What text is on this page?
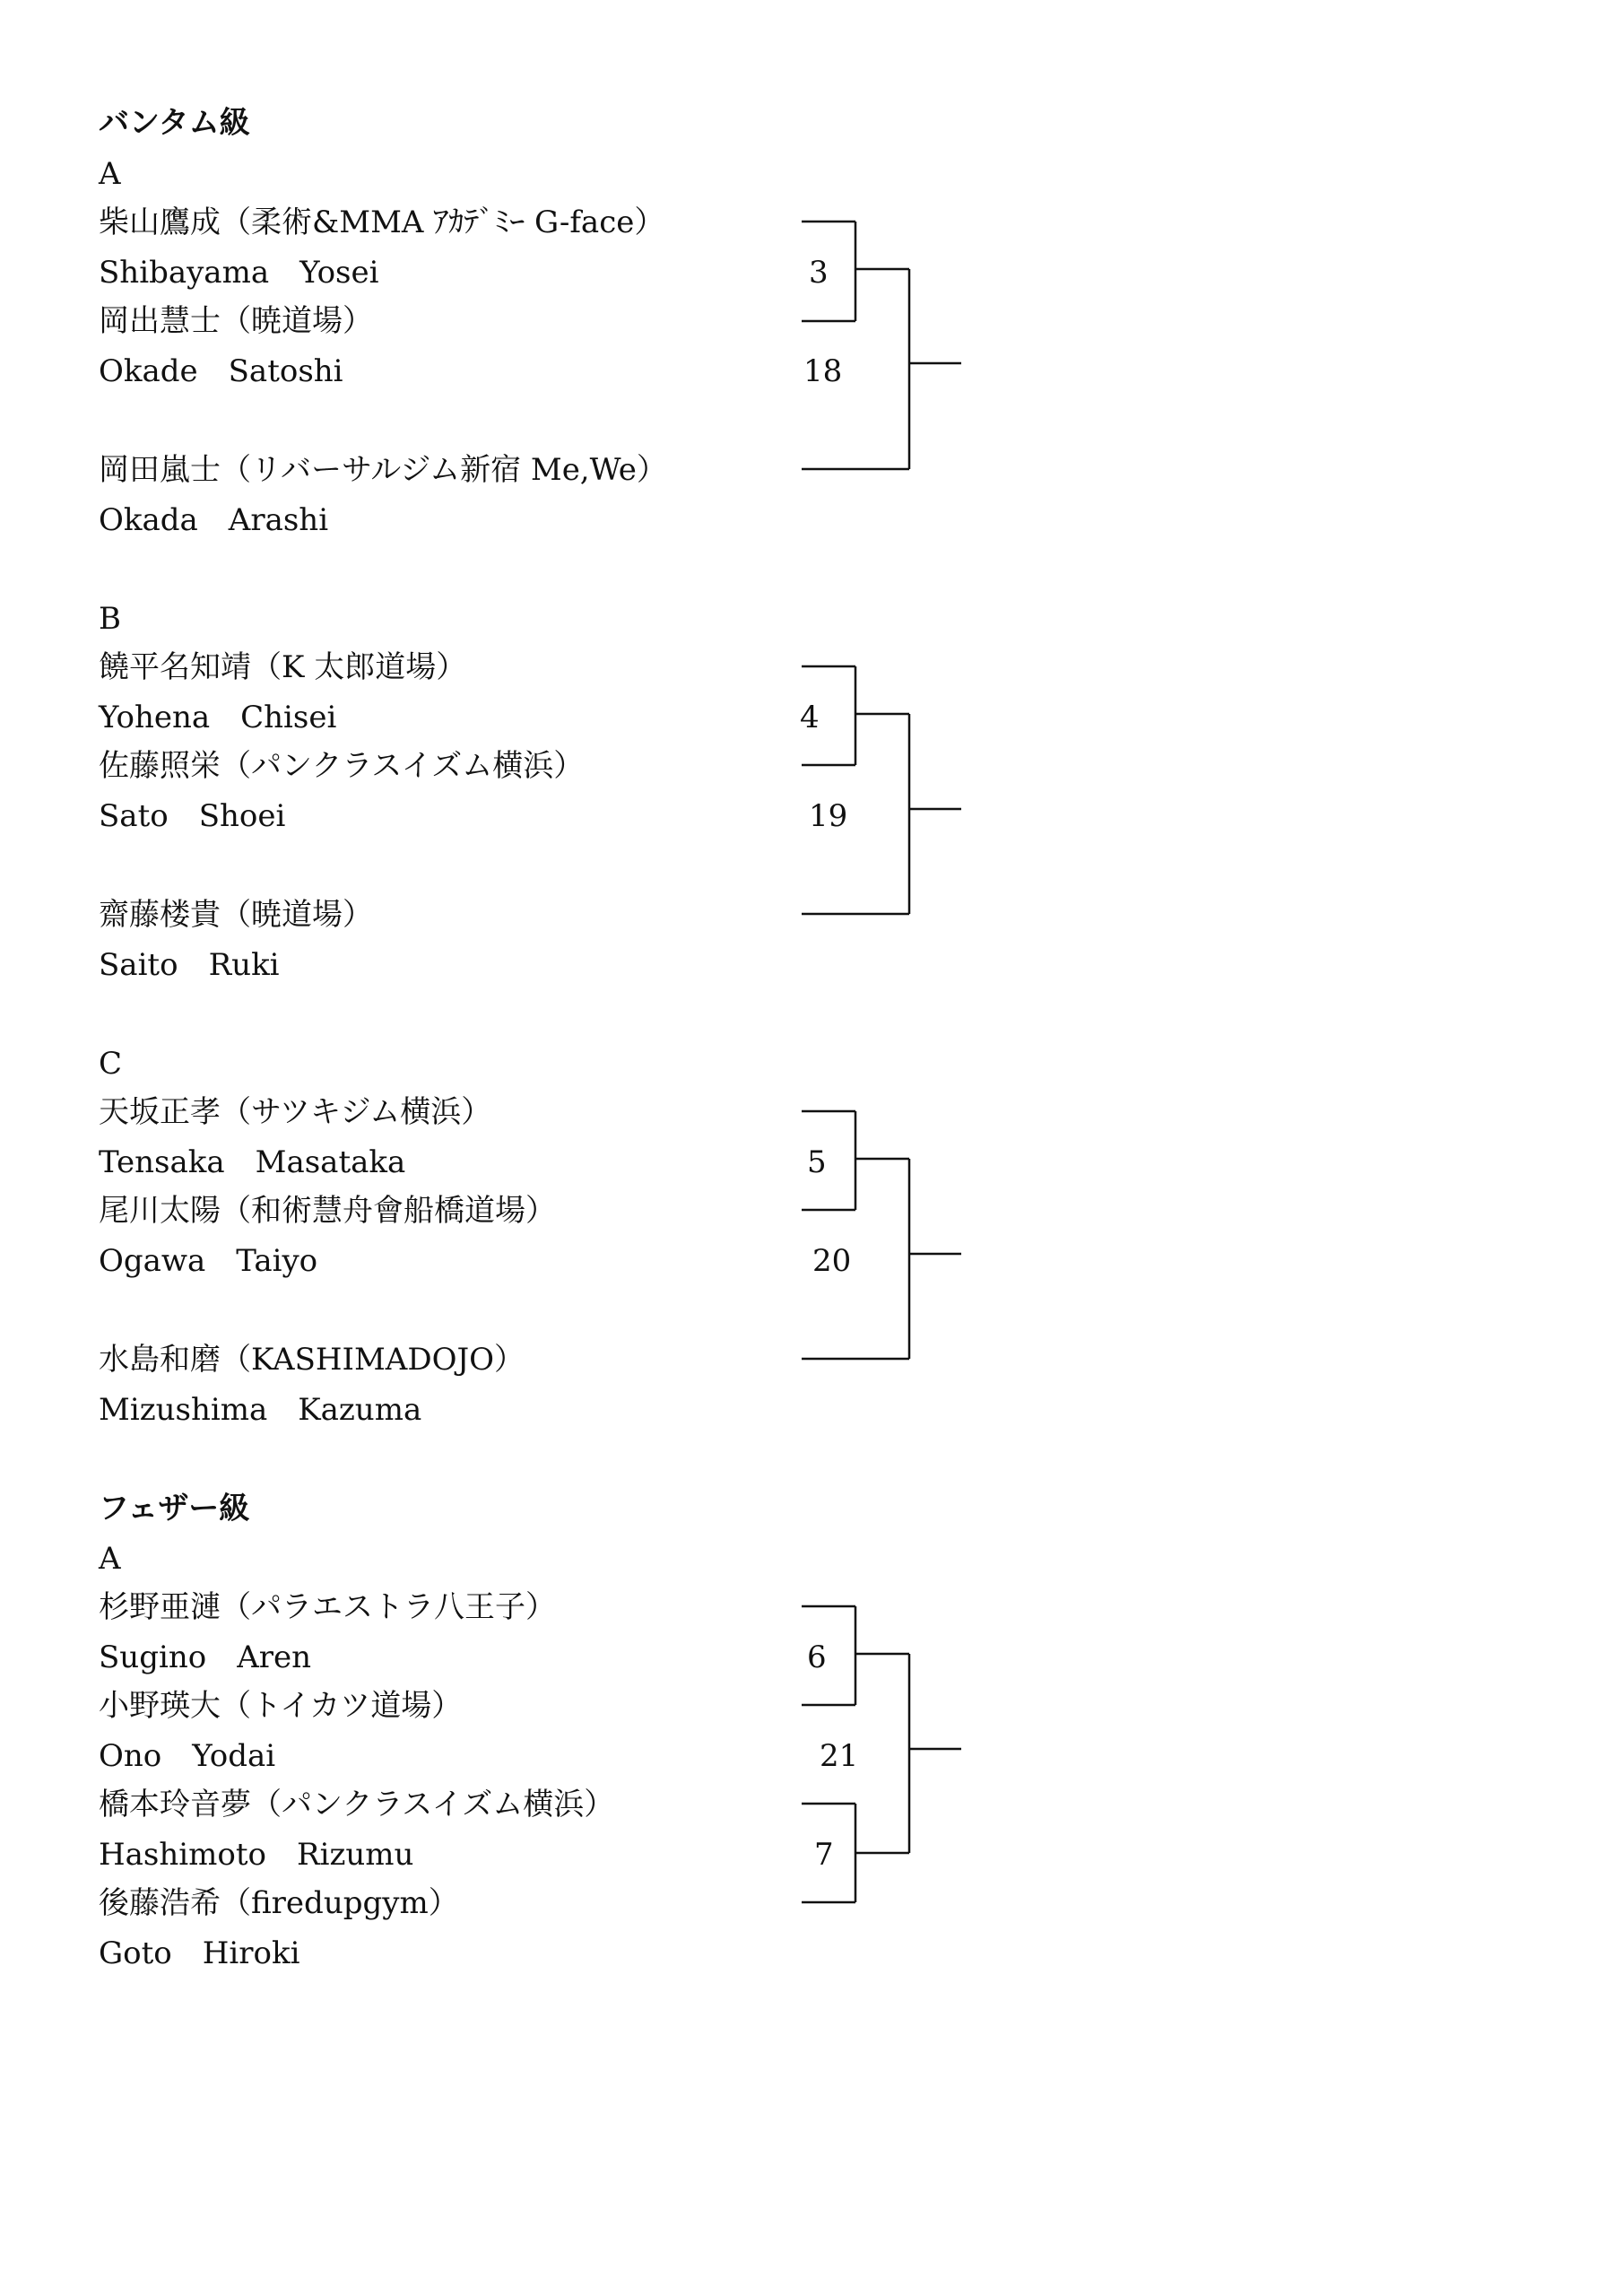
バンタム級
A
柴山鷹成（柔術&MMA ｱｶﾃﾞﾐｰ G-face）
Shibayama　Yosei
岡出慧士（暁道場）
Okade　Satoshi
岡田嵐士（リバーサルジム新宿 Me,We）
Okada　Arashi
3
18
B
饒平名知靖（K 太郎道場）
Yohena　Chisei
佐藤照栄（パンクラスイズム横浜）
Sato　Shoei
齋藤楼貴（暁道場）
Saito　Ruki
4
19
C
天坂正孝（サツキジム横浜）
Tensaka　Masataka
尾川太陽（和術慧舟會船橋道場）
Ogawa　Taiyo
水島和磨（KASHIMADOJO）
Mizushima　Kazuma
5
20
フェザー級
A
杉野亜漣（パラエストラ八王子）
Sugino　Aren
小野瑛大（トイカツ道場）
Ono　Yodai
橋本玲音夢（パンクラスイズム横浜）
Hashimoto　Rizumu
後藤浩希（firedupgym）
Goto　Hiroki
6
21
7
